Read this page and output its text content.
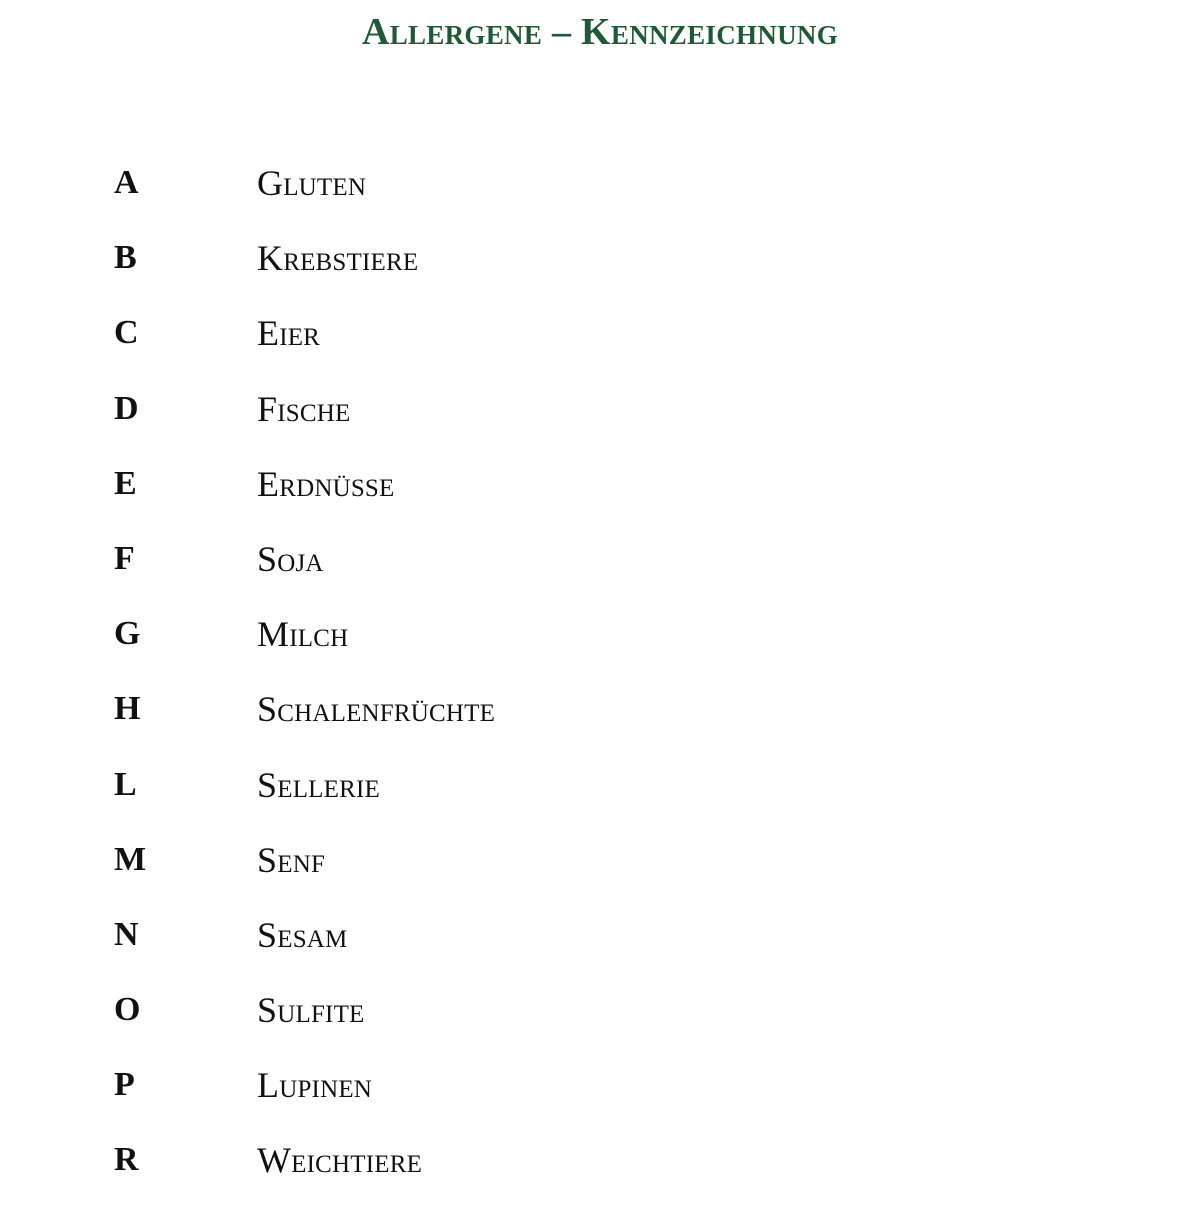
Allergene – Kennzeichnung
A	Gluten
B	Krebstiere
C	Eier
D	Fische
E	Erdnüsse
F	Soja
G	Milch
H	Schalenfrüchte
L	Sellerie
M	Senf
N	Sesam
O	Sulfite
P	Lupinen
R	Weichtiere
